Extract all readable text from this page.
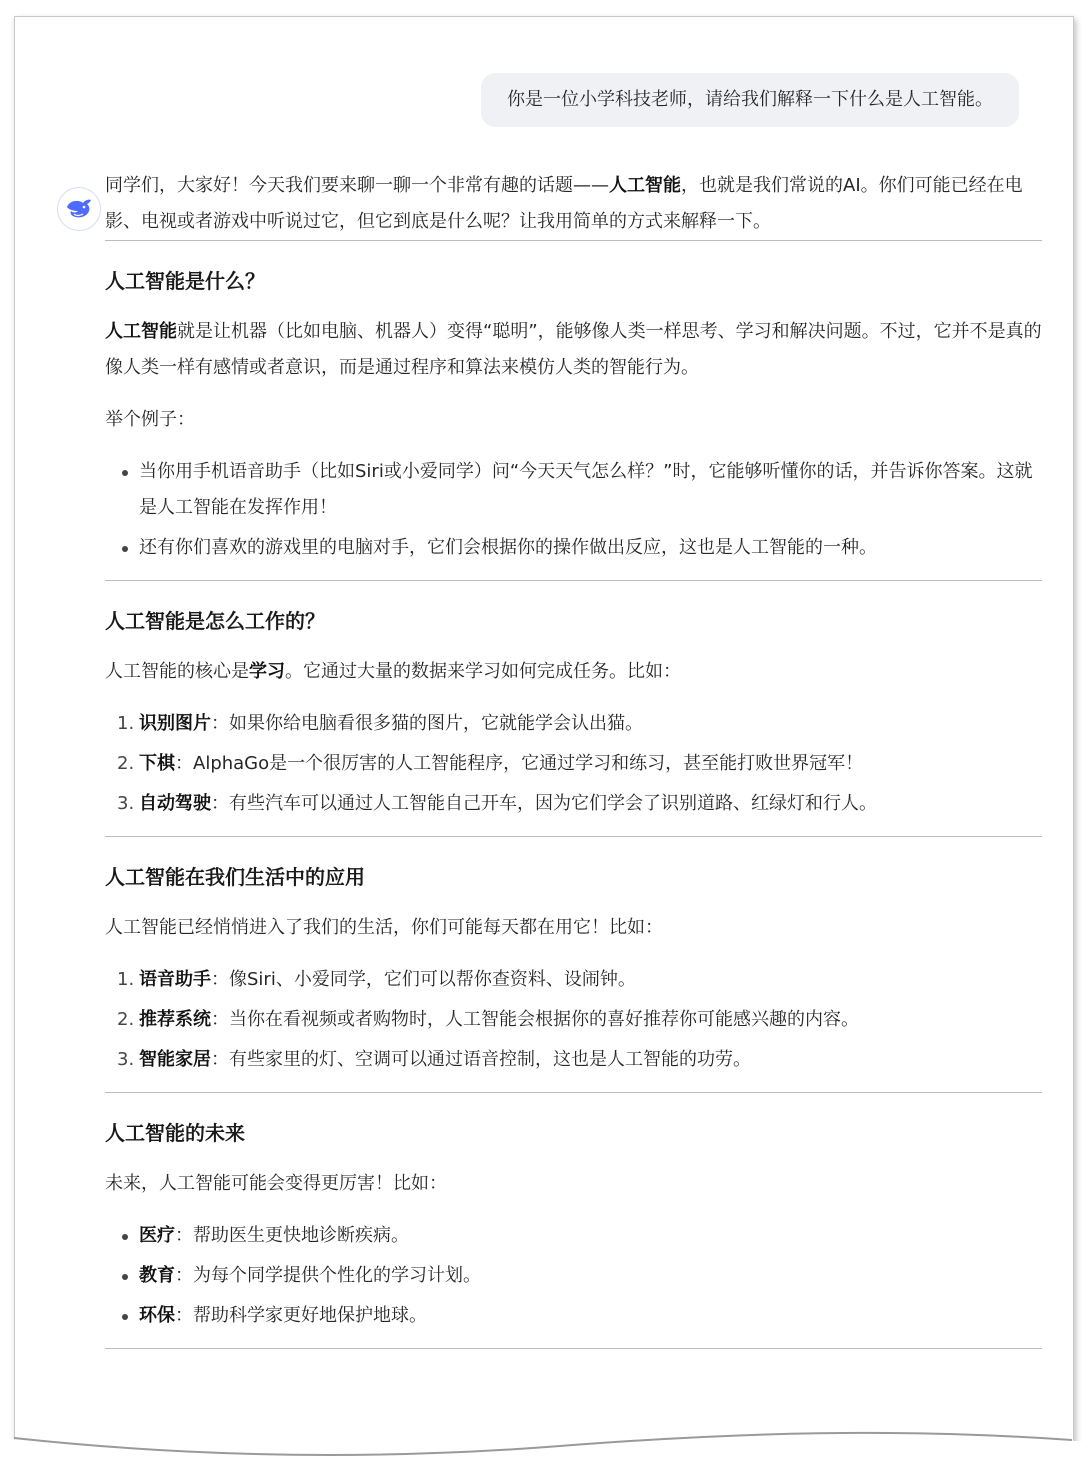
你是一位小学科技老师，请给我们解释一下什么是人工智能。

同学们，大家好！今天我们要来聊一聊一个非常有趣的话题——人工智能，也就是我们常说的AI。你们可能已经在电影、电视或者游戏中听说过它，但它到底是什么呢？让我用简单的方式来解释一下。

人工智能是什么？

人工智能就是让机器（比如电脑、机器人）变得“聪明”，能够像人类一样思考、学习和解决问题。不过，它并不是真的像人类一样有感情或者意识，而是通过程序和算法来模仿人类的智能行为。

举个例子：

当你用手机语音助手（比如Siri或小爱同学）问“今天天气怎么样？”时，它能够听懂你的话，并告诉你答案。这就是人工智能在发挥作用！
还有你们喜欢的游戏里的电脑对手，它们会根据你的操作做出反应，这也是人工智能的一种。
人工智能是怎么工作的？

人工智能的核心是学习。它通过大量的数据来学习如何完成任务。比如：

1. 识别图片：如果你给电脑看很多猫的图片，它就能学会认出猫。
2. 下棋：AlphaGo是一个很厉害的人工智能程序，它通过学习和练习，甚至能打败世界冠军！
3. 自动驾驶：有些汽车可以通过人工智能自己开车，因为它们学会了识别道路、红绿灯和行人。
人工智能在我们生活中的应用

人工智能已经悄悄进入了我们的生活，你们可能每天都在用它！比如：

1. 语音助手：像Siri、小爱同学，它们可以帮你查资料、设闹钟。
2. 推荐系统：当你在看视频或者购物时，人工智能会根据你的喜好推荐你可能感兴趣的内容。
3. 智能家居：有些家里的灯、空调可以通过语音控制，这也是人工智能的功劳。
人工智能的未来

未来，人工智能可能会变得更厉害！比如：

医疗：帮助医生更快地诊断疾病。
教育：为每个同学提供个性化的学习计划。
环保：帮助科学家更好地保护地球。
